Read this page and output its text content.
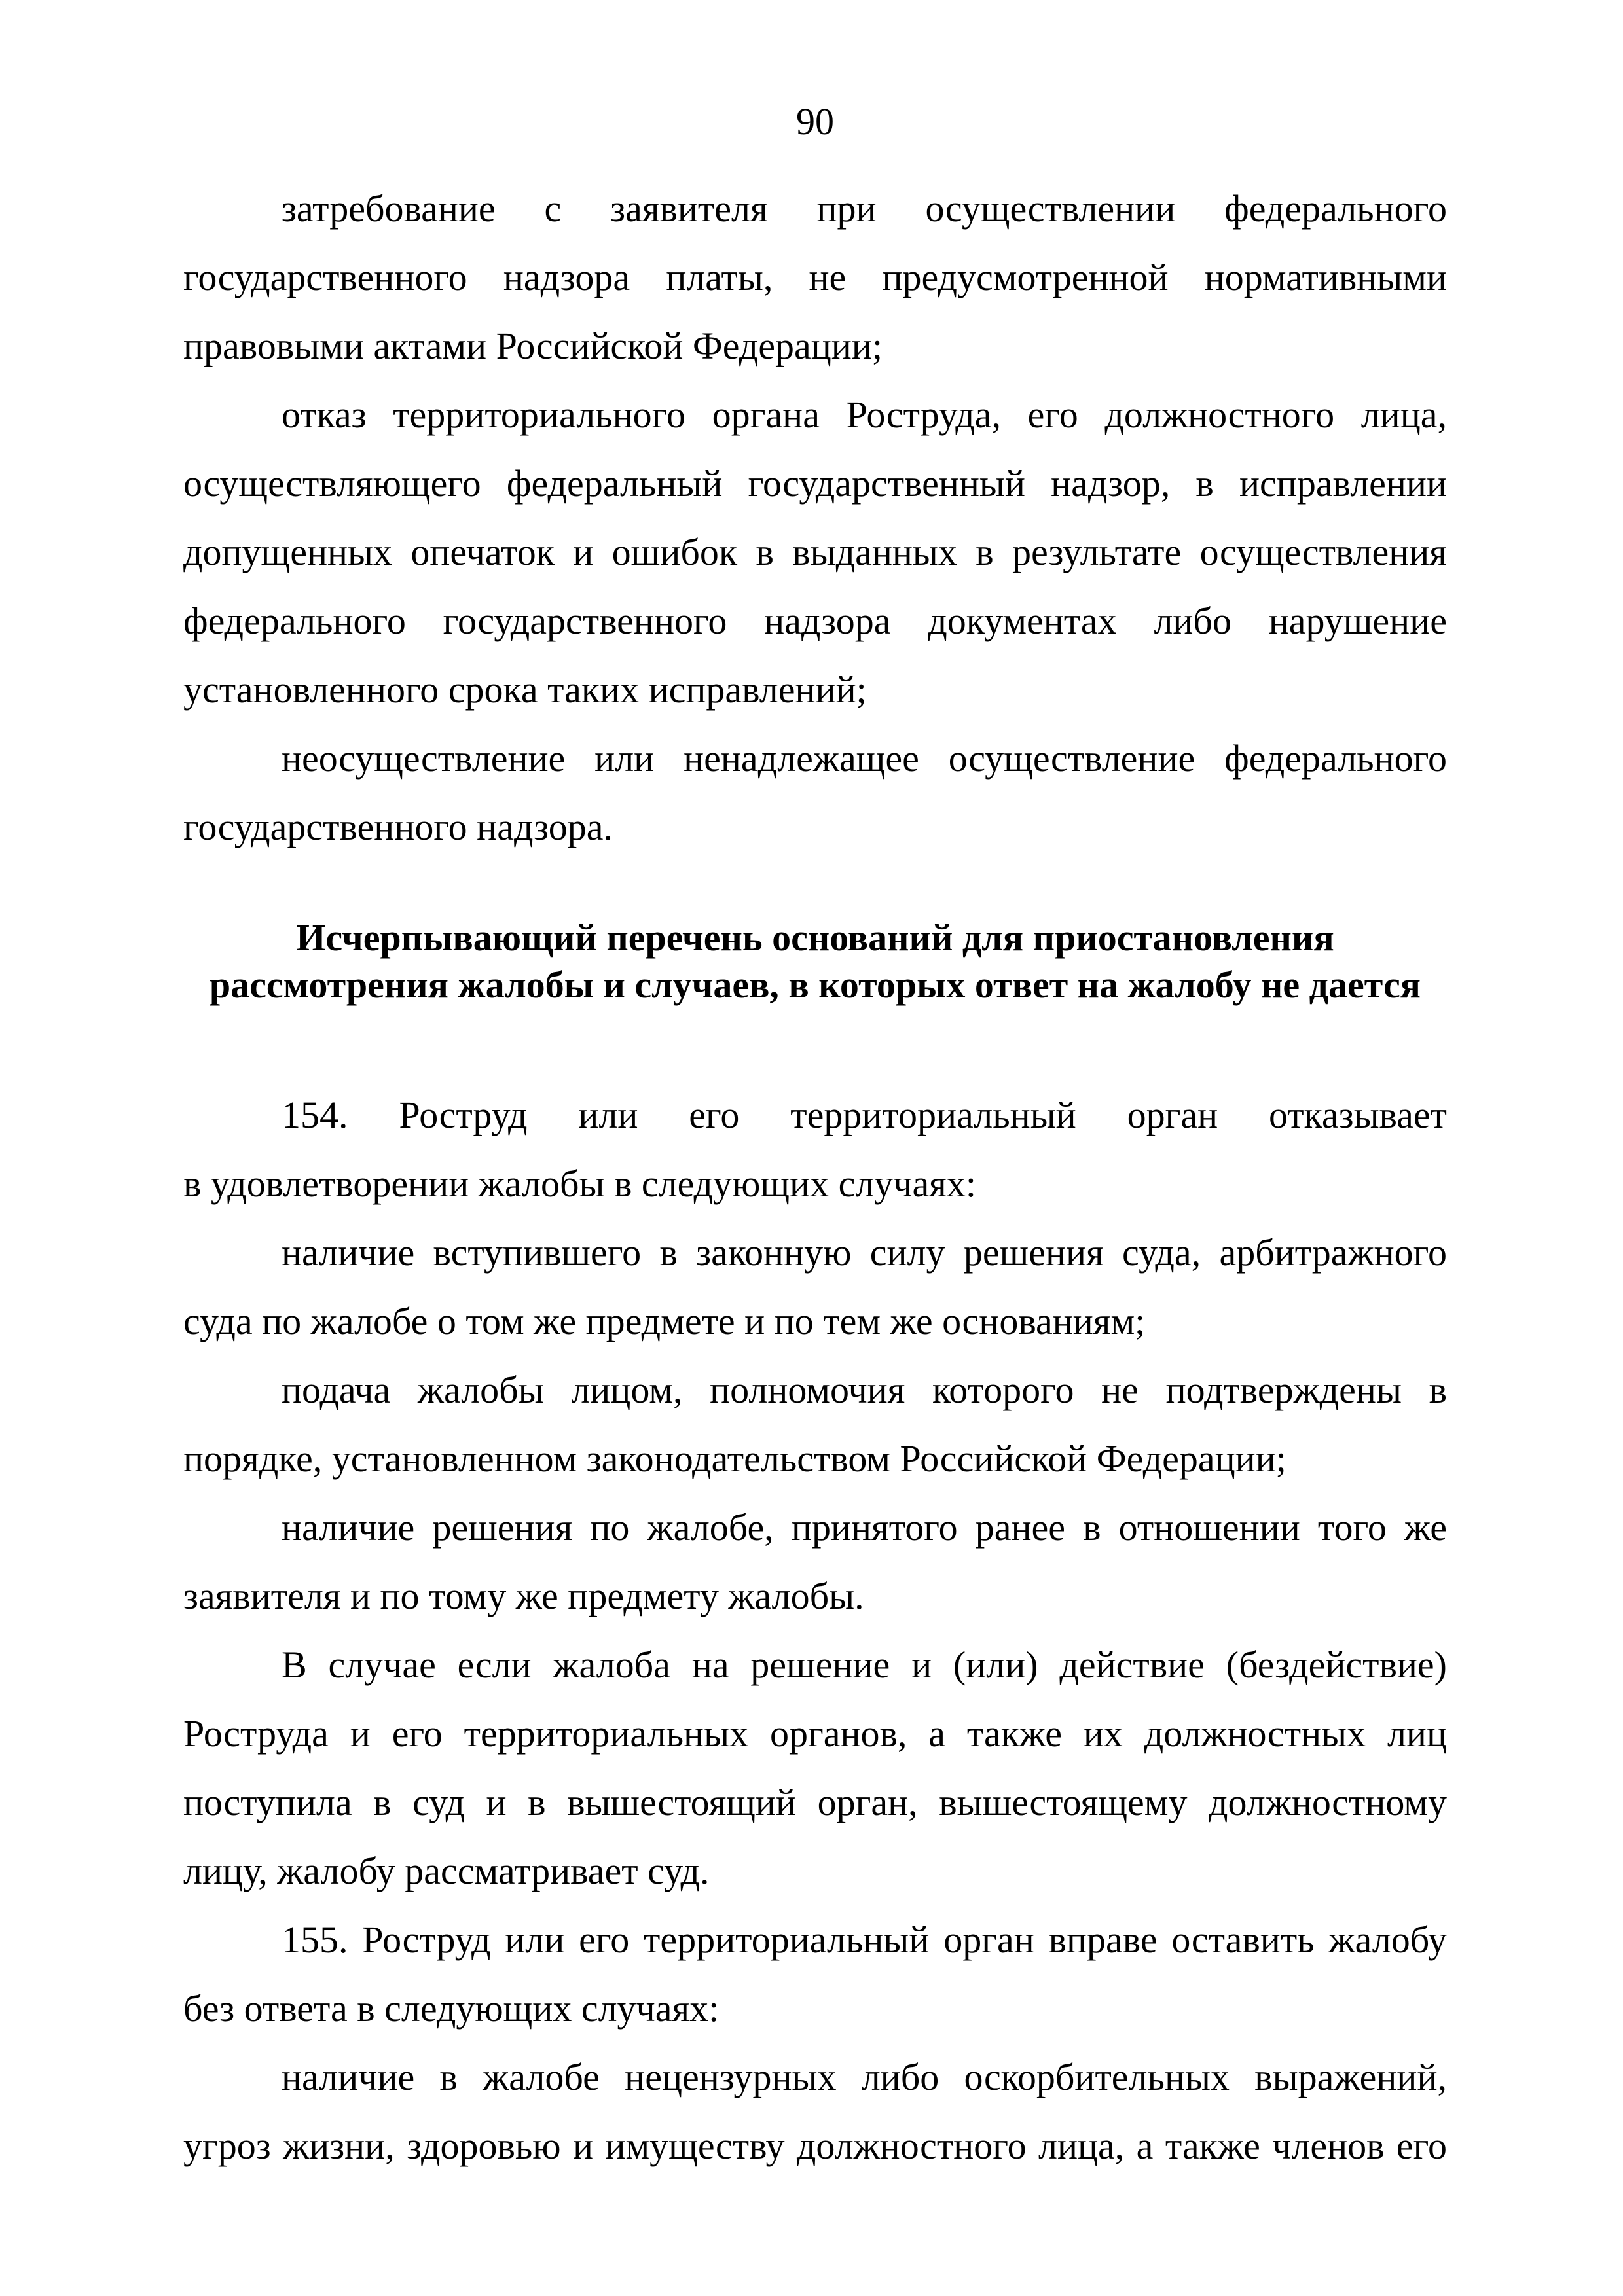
90

затребование с заявителя при осуществлении федерального
государственного надзора платы, не предусмотренной нормативными
правовыми актами Российской Федерации;

отказ территориального органа Роструда, его должностного лица,
осуществляющего федеральный государственный надзор, в исправлении
допущенных опечаток и ошибок в выданных в результате осуществления
федерального государственного надзора документах либо нарушение
установленного срока таких исправлений;

неосуществление или ненадлежащее осуществление федерального
государственного надзора.

Исчерпывающий перечень оснований для приостановления
рассмотрения жалобы и случаев, в которых ответ на жалобу не дается

154. Роструд или его территориальный орган отказывает
в удовлетворении жалобы в следующих случаях:

наличие вступившего в законную силу решения суда, арбитражного
суда по жалобе о том же предмете и по тем же основаниям;

подача жалобы лицом, полномочия которого не подтверждены в
порядке, установленном законодательством Российской Федерации;

наличие решения по жалобе, принятого ранее в отношении того же
заявителя и по тому же предмету жалобы.

В случае если жалоба на решение и (или) действие (бездействие)
Роструда и его территориальных органов, а также их должностных лиц
поступила в суд и в вышестоящий орган, вышестоящему должностному
лицу, жалобу рассматривает суд.

155. Роструд или его территориальный орган вправе оставить жалобу
без ответа в следующих случаях:

наличие в жалобе нецензурных либо оскорбительных выражений,
угроз жизни, здоровью и имуществу должностного лица, а также членов его
